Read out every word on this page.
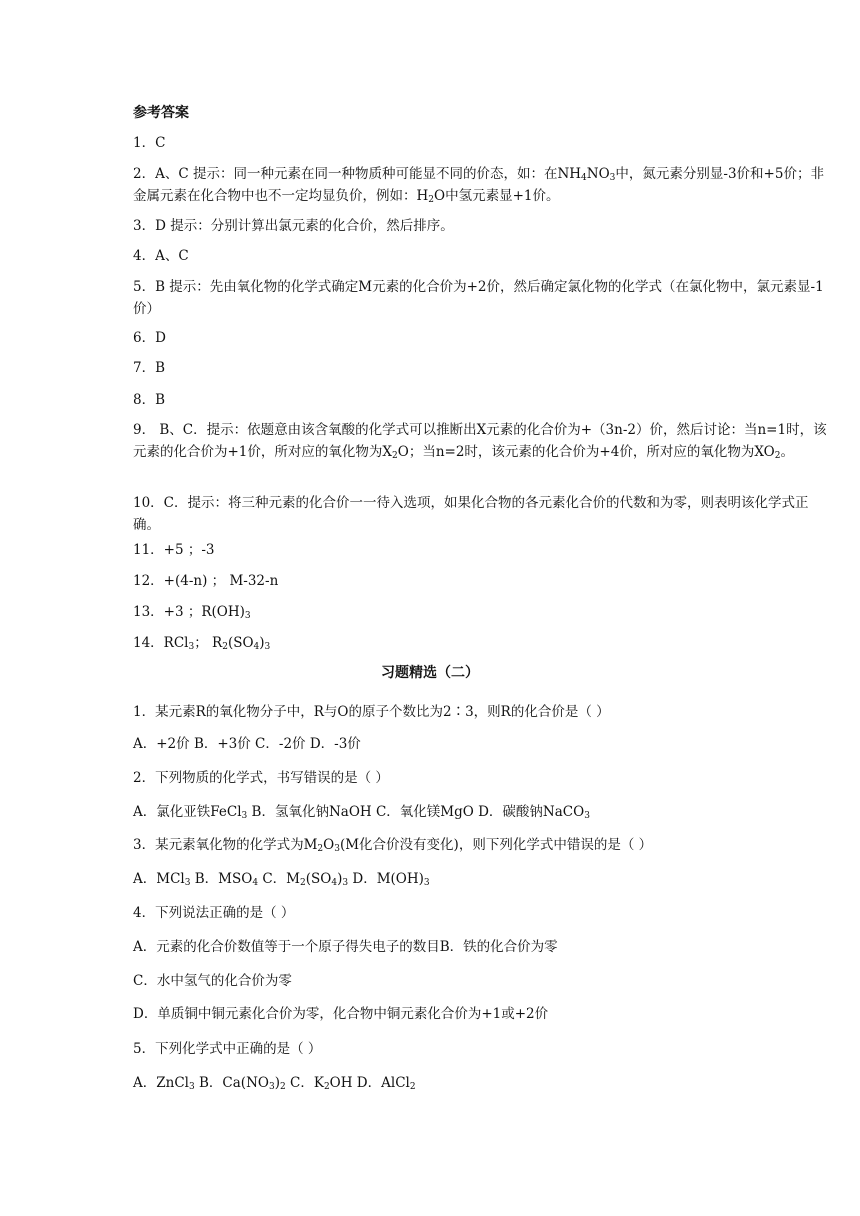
参考答案
1．C
2．A、C 提示：同一种元素在同一种物质种可能显不同的价态，如：在$NH_4NO_3$中，氮元素分别显-3价和+5价；非金属元素在化合物中也不一定均显负价，例如：$H_2O$中氢元素显+1价。
3．D 提示：分别计算出氯元素的化合价，然后排序。
4．A、C
5．B 提示：先由氧化物的化学式确定M元素的化合价为+2价，然后确定氯化物的化学式（在氯化物中，氯元素显-1价）
6．D
7．B
8．B
9． B、C．提示：依题意由该含氧酸的化学式可以推断出X元素的化合价为+（3n-2）价，然后讨论：当n=1时，该元素的化合价为+1价，所对应的氧化物为$X_2O$；当n=2时，该元素的化合价为+4价，所对应的氧化物为$XO_2$。
10．C．提示：将三种元素的化合价一一待入选项，如果化合物的各元素化合价的代数和为零，则表明该化学式正确。
11．+5 ；-3
12．+(4-n) ； M-32-n
13．+3 ；$R(OH)_3$
14．RCl$_3$； $R_2(SO_4)_3$
习题精选（二）
1．某元素R的氧化物分子中，R与O的原子个数比为2∶3，则R的化合价是（ ）
A．+2价 B．+3价 C．-2价 D．-3价
2．下列物质的化学式，书写错误的是（ ）
A．氯化亚铁FeCl$_3$ B．氢氧化钠NaOH C．氧化镁MgO D．碳酸钠NaCO$_3$
3．某元素氧化物的化学式为$M_2O_3(M$化合价没有变化)，则下列化学式中错误的是（ ）
A．MCl$_3$ B．$MSO_4$ C．$M_2(SO_4)_3$ D．$M(OH)_3$
4．下列说法正确的是（ ）
A．元素的化合价数值等于一个原子得失电子的数目B．铁的化合价为零
C．水中氢气的化合价为零
D．单质铜中铜元素化合价为零，化合物中铜元素化合价为+1或+2价
5．下列化学式中正确的是（ ）
A．ZnCl$_3$ B．$Ca(NO_3)_2$ C．$K_2OH$ D．AlCl$_2$
